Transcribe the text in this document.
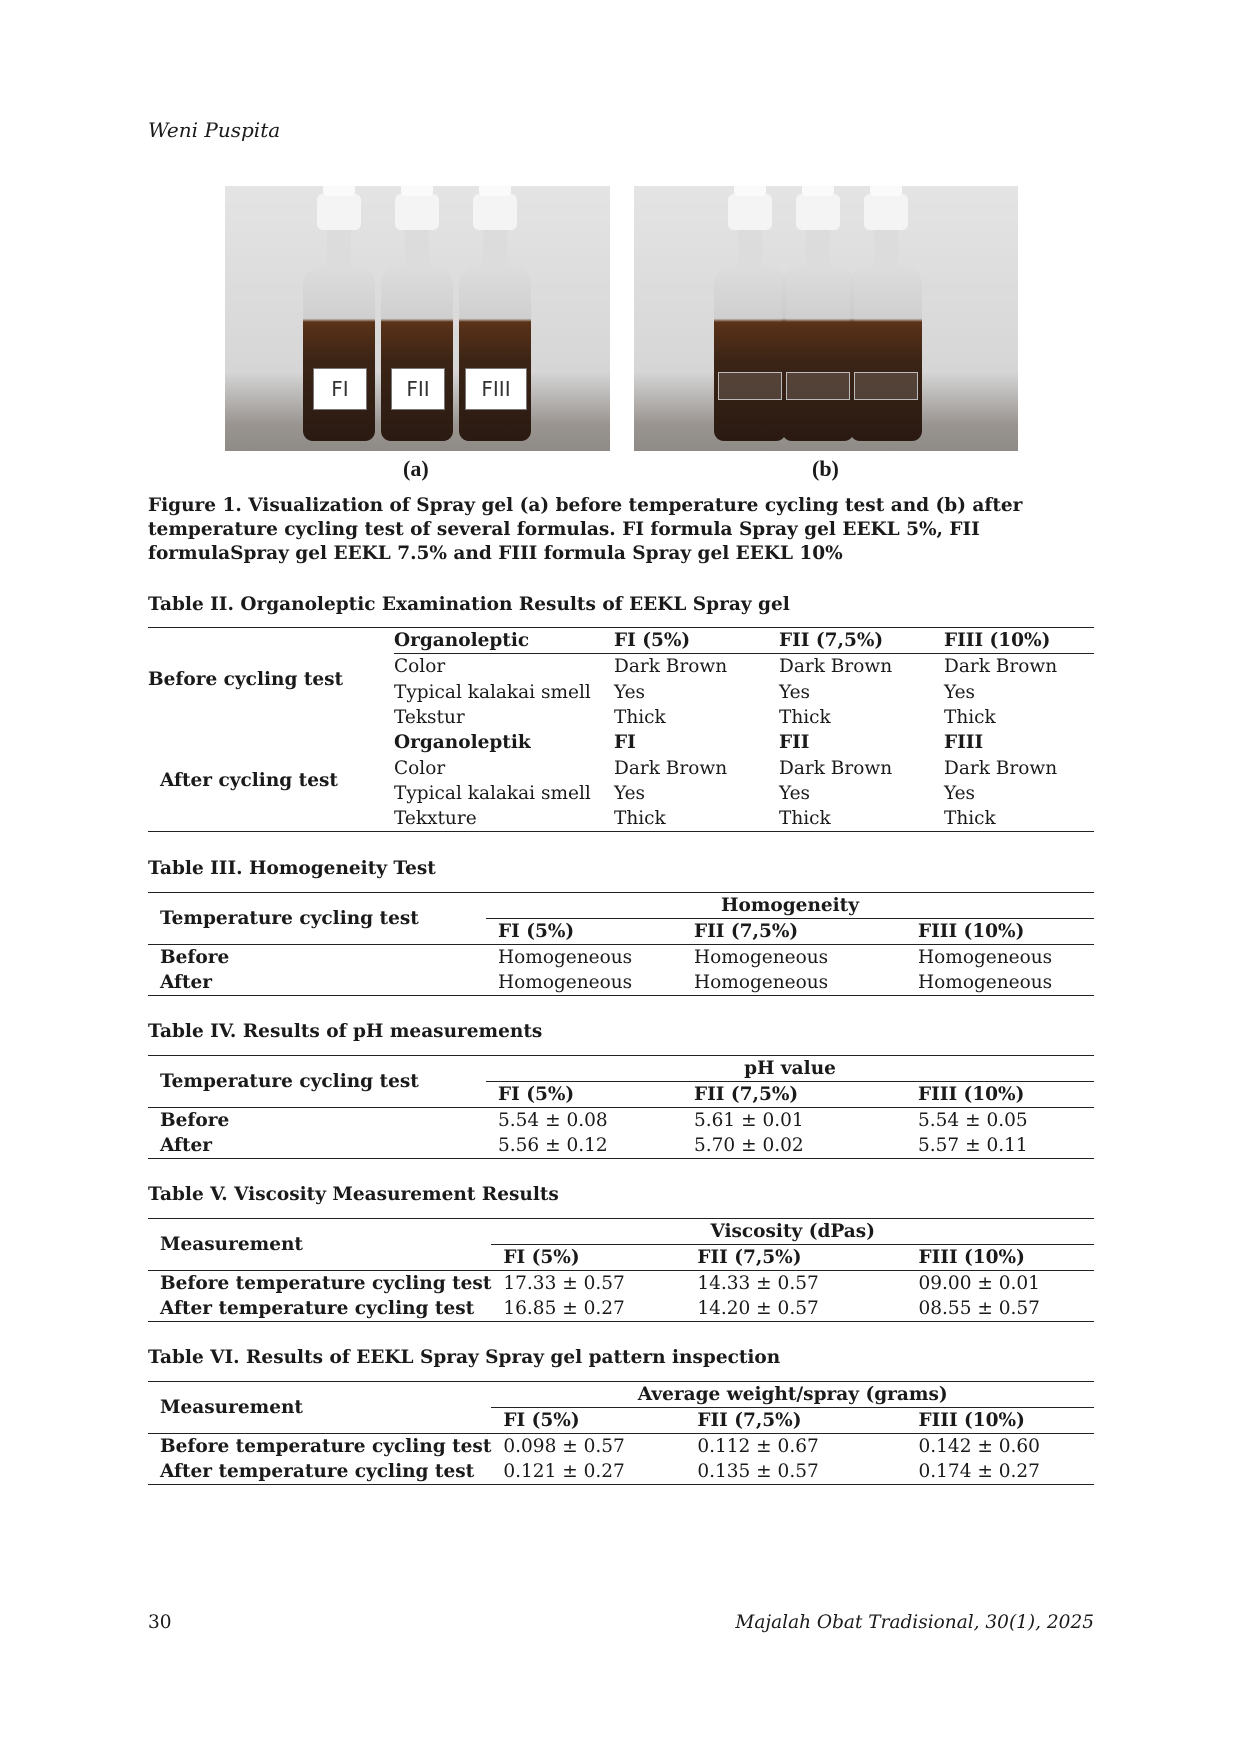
Weni Puspita
FI	FII	FIII
(a)	(b)
Figure 1. Visualization of Spray gel (a) before temperature cycling test and (b) after temperature cycling test of several formulas. FI formula Spray gel EEKL 5%, FII formulaSpray gel EEKL 7.5% and FIII formula Spray gel EEKL 10%
Table II. Organoleptic Examination Results of EEKL Spray gel
Before cycling test	Organoleptic	FI (5%)	FII (7,5%)	FIII (10%)
	Color	Dark Brown	Dark Brown	Dark Brown
	Typical kalakai smell	Yes	Yes	Yes
	Tekstur	Thick	Thick	Thick
After cycling test	Organoleptik	FI	FII	FIII
	Color	Dark Brown	Dark Brown	Dark Brown
	Typical kalakai smell	Yes	Yes	Yes
	Tekxture	Thick	Thick	Thick
Table III. Homogeneity Test
Temperature cycling test	Homogeneity		
	FI (5%)	FII (7,5%)	FIII (10%)
Before	Homogeneous	Homogeneous	Homogeneous
After	Homogeneous	Homogeneous	Homogeneous
Table IV. Results of pH measurements
Temperature cycling test	pH value		
	FI (5%)	FII (7,5%)	FIII (10%)
Before	5.54 ± 0.08	5.61 ± 0.01	5.54 ± 0.05
After	5.56 ± 0.12	5.70 ± 0.02	5.57 ± 0.11
Table V. Viscosity Measurement Results
Measurement	Viscosity (dPas)		
	FI (5%)	FII (7,5%)	FIII (10%)
Before temperature cycling test	17.33 ± 0.57	14.33 ± 0.57	09.00 ± 0.01
After temperature cycling test	16.85 ± 0.27	14.20 ± 0.57	08.55 ± 0.57
Table VI. Results of EEKL Spray Spray gel pattern inspection
Measurement	Average weight/spray (grams)		
	FI (5%)	FII (7,5%)	FIII (10%)
Before temperature cycling test	0.098 ± 0.57	0.112 ± 0.67	0.142 ± 0.60
After temperature cycling test	0.121 ± 0.27	0.135 ± 0.57	0.174 ± 0.27
30	Majalah Obat Tradisional, 30(1), 2025
